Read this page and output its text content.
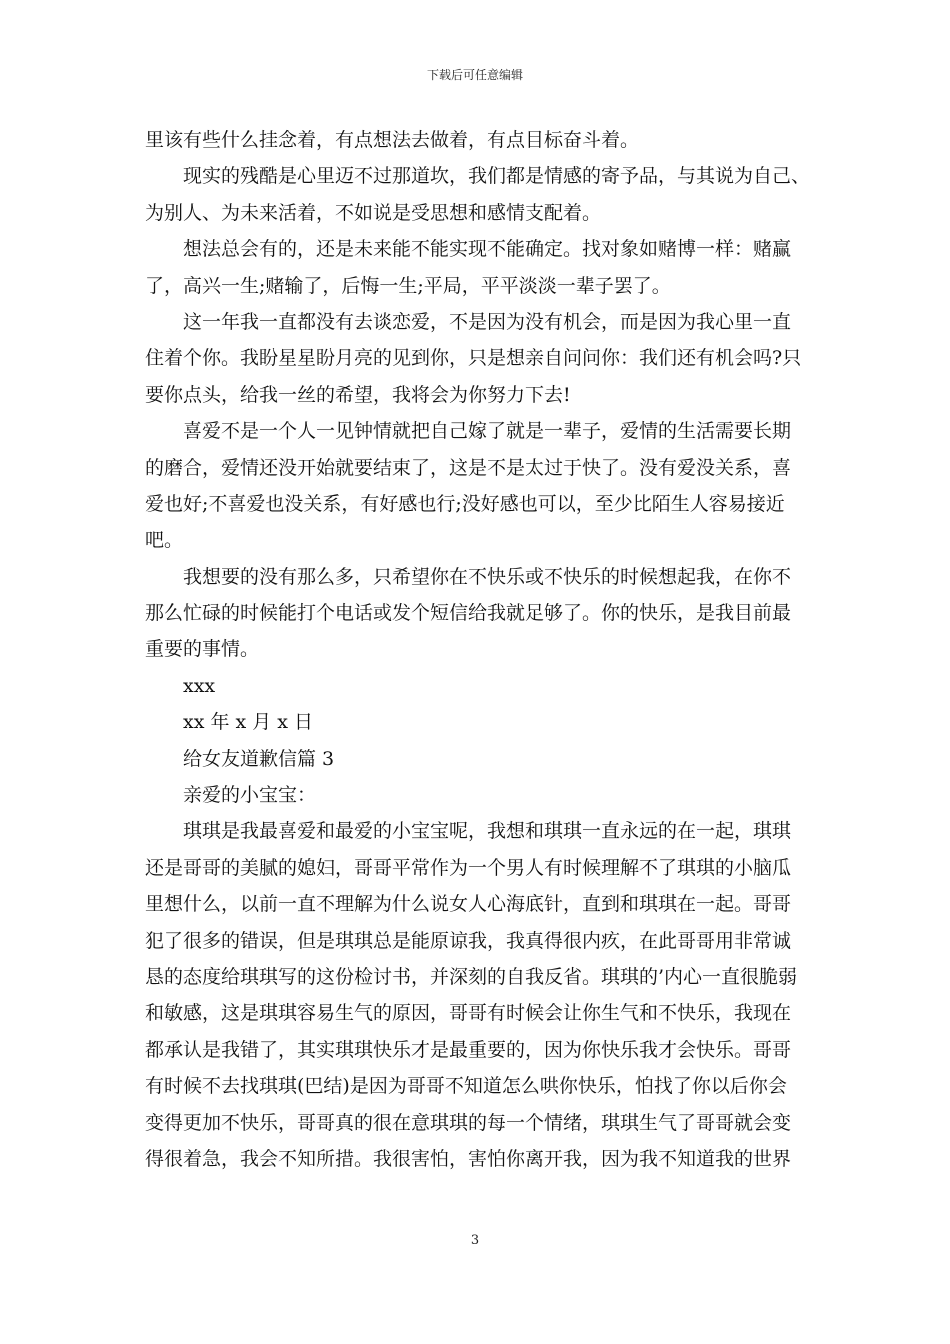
下载后可任意编辑
里该有些什么挂念着，有点想法去做着，有点目标奋斗着。
现实的残酷是心里迈不过那道坎，我们都是情感的寄予品，与其说为自己、
为别人、为未来活着，不如说是受思想和感情支配着。
想法总会有的，还是未来能不能实现不能确定。找对象如赌博一样：赌赢
了，高兴一生;赌输了，后悔一生;平局，平平淡淡一辈子罢了。
这一年我一直都没有去谈恋爱，不是因为没有机会，而是因为我心里一直
住着个你。我盼星星盼月亮的见到你，只是想亲自问问你：我们还有机会吗?只
要你点头，给我一丝的希望，我将会为你努力下去!
喜爱不是一个人一见钟情就把自己嫁了就是一辈子，爱情的生活需要长期
的磨合，爱情还没开始就要结束了，这是不是太过于快了。没有爱没关系，喜
爱也好;不喜爱也没关系，有好感也行;没好感也可以，至少比陌生人容易接近
吧。
我想要的没有那么多，只希望你在不快乐或不快乐的时候想起我，在你不
那么忙碌的时候能打个电话或发个短信给我就足够了。你的快乐，是我目前最
重要的事情。
xxx
xx 年 x 月 x 日
给女友道歉信篇 3
亲爱的小宝宝：
琪琪是我最喜爱和最爱的小宝宝呢，我想和琪琪一直永远的在一起，琪琪
还是哥哥的美腻的媳妇，哥哥平常作为一个男人有时候理解不了琪琪的小脑瓜
里想什么，以前一直不理解为什么说女人心海底针，直到和琪琪在一起。哥哥
犯了很多的错误，但是琪琪总是能原谅我，我真得很内疚，在此哥哥用非常诚
恳的态度给琪琪写的这份检讨书，并深刻的自我反省。琪琪的’内心一直很脆弱
和敏感，这是琪琪容易生气的原因，哥哥有时候会让你生气和不快乐，我现在
都承认是我错了，其实琪琪快乐才是最重要的，因为你快乐我才会快乐。哥哥
有时候不去找琪琪(巴结)是因为哥哥不知道怎么哄你快乐，怕找了你以后你会
变得更加不快乐，哥哥真的很在意琪琪的每一个情绪，琪琪生气了哥哥就会变
得很着急，我会不知所措。我很害怕，害怕你离开我，因为我不知道我的世界
3
